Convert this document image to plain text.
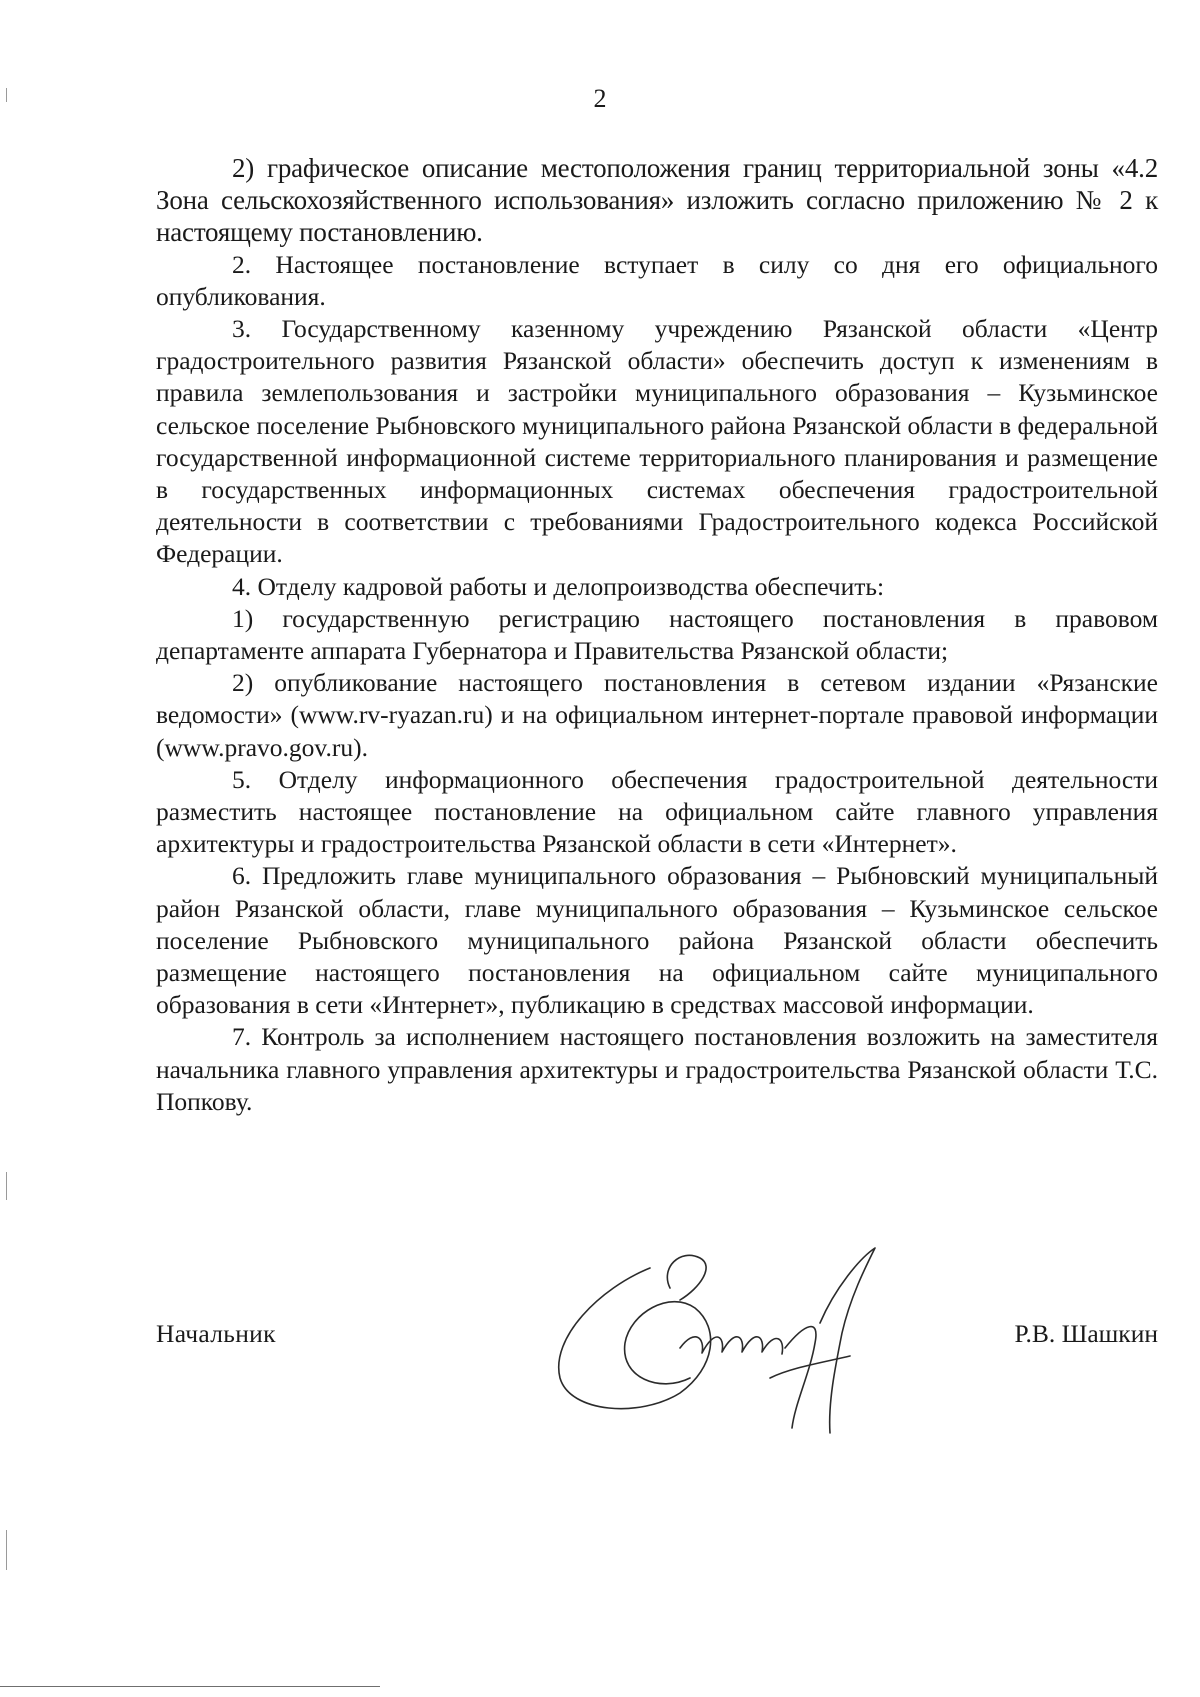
2

2) графическое описание местоположения границ территориальной зоны «4.2 Зона сельскохозяйственного использования» изложить согласно приложению № 2 к настоящему постановлению.

2. Настоящее постановление вступает в силу со дня его официального опубликования.

3. Государственному казенному учреждению Рязанской области «Центр градостроительного развития Рязанской области» обеспечить доступ к изменениям в правила землепользования и застройки муниципального образования – Кузьминское сельское поселение Рыбновского муниципального района Рязанской области в федеральной государственной информационной системе территориального планирования и размещение в государственных информационных системах обеспечения градостроительной деятельности в соответствии с требованиями Градостроительного кодекса Российской Федерации.

4. Отделу кадровой работы и делопроизводства обеспечить:

1) государственную регистрацию настоящего постановления в правовом департаменте аппарата Губернатора и Правительства Рязанской области;

2) опубликование настоящего постановления в сетевом издании «Рязанские ведомости» (www.rv-ryazan.ru) и на официальном интернет-портале правовой информации (www.pravo.gov.ru).

5. Отделу информационного обеспечения градостроительной деятельности разместить настоящее постановление на официальном сайте главного управления архитектуры и градостроительства Рязанской области в сети «Интернет».

6. Предложить главе муниципального образования – Рыбновский муниципальный район Рязанской области, главе муниципального образования – Кузьминское сельское поселение Рыбновского муниципального района Рязанской области обеспечить размещение настоящего постановления на официальном сайте муниципального образования в сети «Интернет», публикацию в средствах массовой информации.

7. Контроль за исполнением настоящего постановления возложить на заместителя начальника главного управления архитектуры и градостроительства Рязанской области Т.С. Попкову.

Начальник	Р.В. Шашкин
